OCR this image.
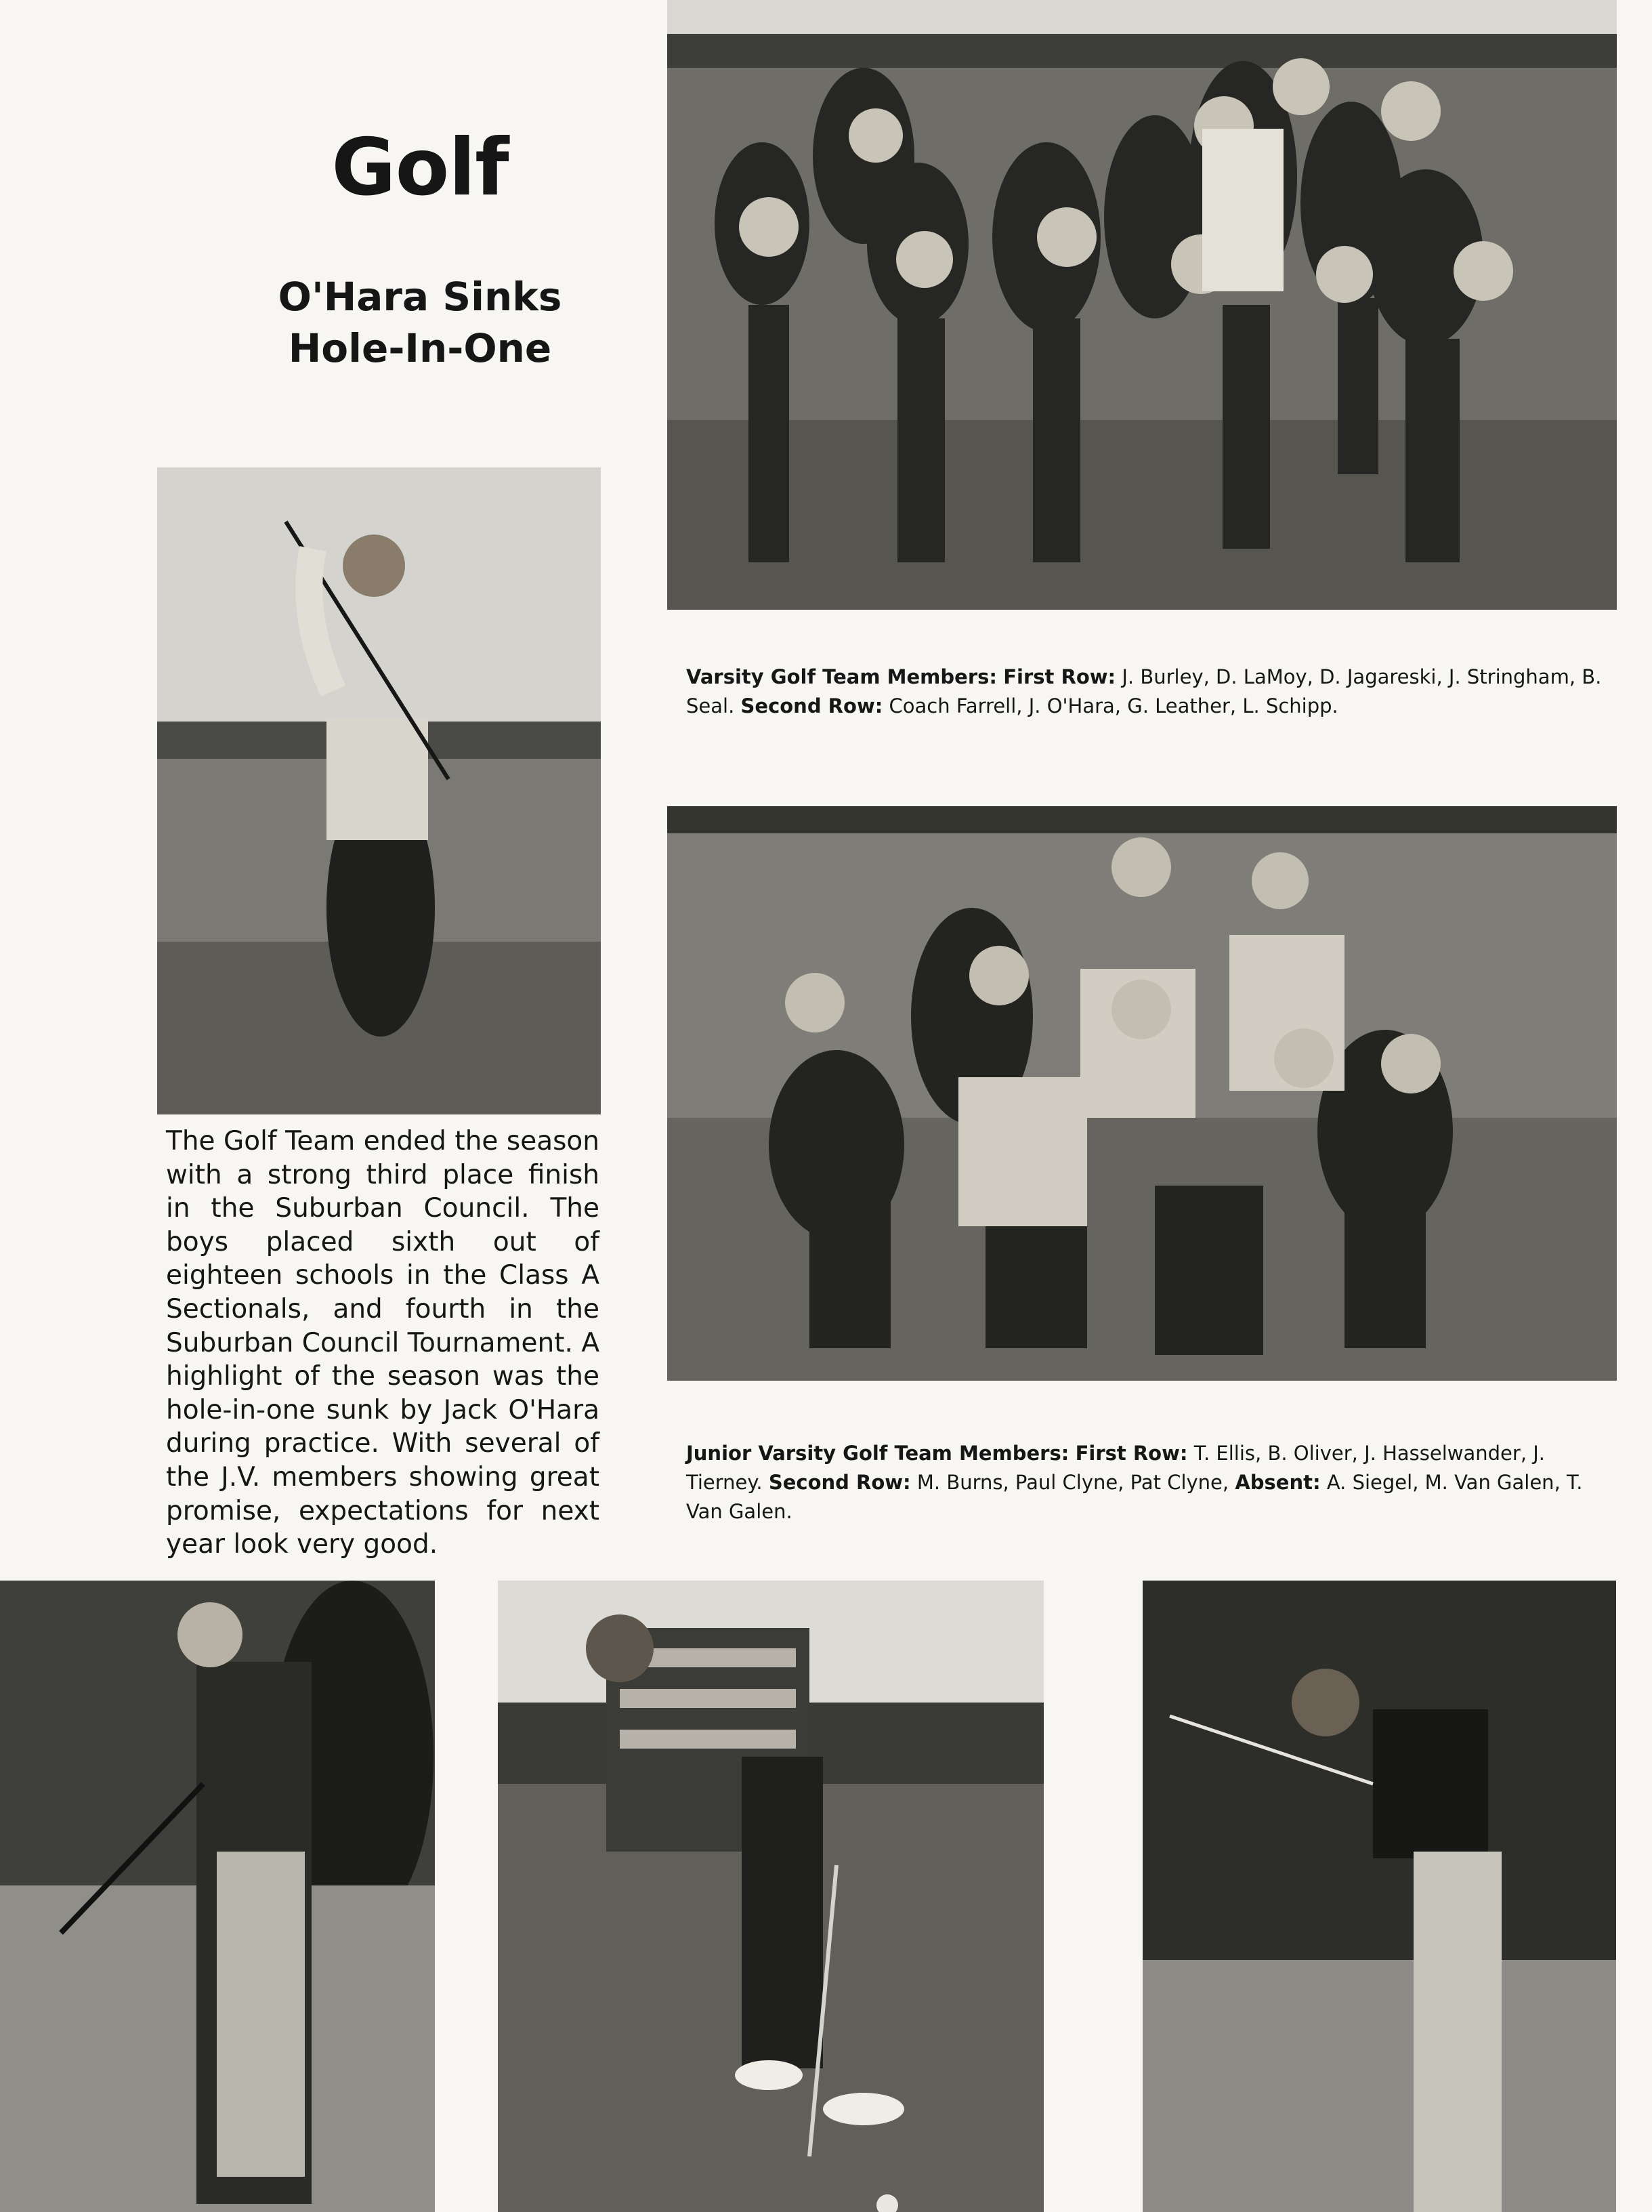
Golf
O'Hara Sinks
Hole-In-One

Varsity Golf Team Members: First Row: J. Burley, D. LaMoy, D. Jagareski, J. Stringham, B. Seal. Second Row: Coach Farrell, J. O'Hara, G. Leather, L. Schipp.

The Golf Team ended the season with a strong third place finish in the Suburban Council. The boys placed sixth out of eighteen schools in the Class A Sectionals, and fourth in the Suburban Council Tournament. A highlight of the season was the hole-in-one sunk by Jack O'Hara during practice. With several of the J.V. members showing great promise, expectations for next year look very good.

Junior Varsity Golf Team Members: First Row: T. Ellis, B. Oliver, J. Hasselwander, J. Tierney. Second Row: M. Burns, Paul Clyne, Pat Clyne, Absent: A. Siegel, M. Van Galen, T. Van Galen.
